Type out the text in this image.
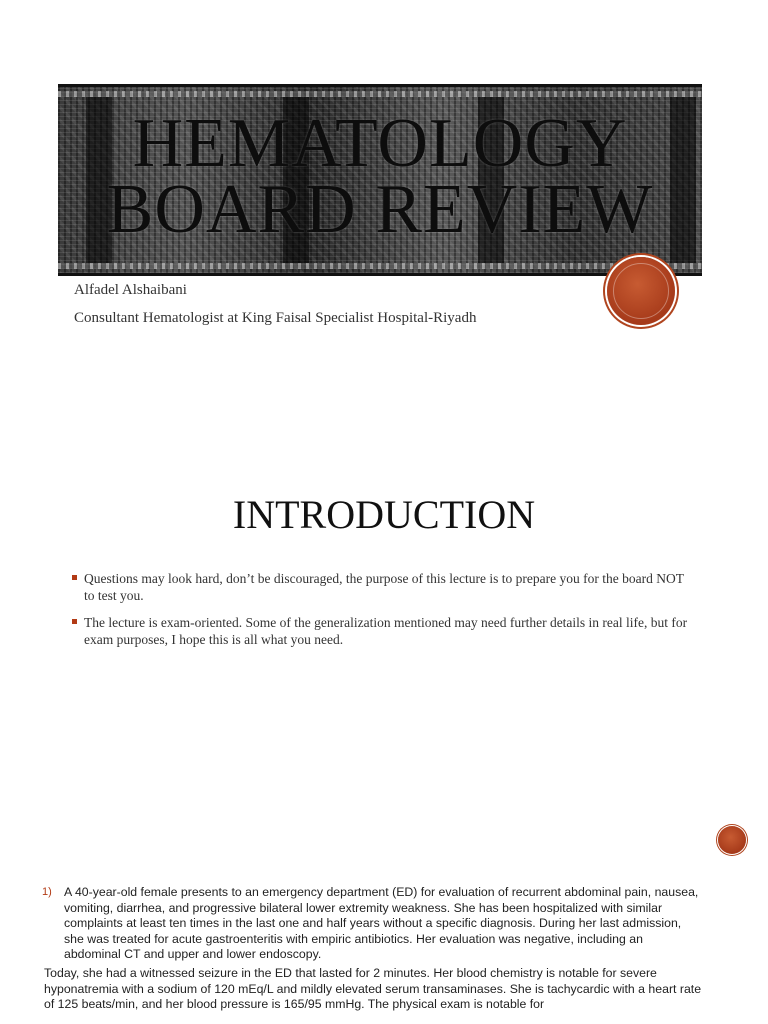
HEMATOLOGY
BOARD REVIEW

Alfadel Alshaibani

Consultant Hematologist at King Faisal Specialist Hospital-Riyadh

INTRODUCTION
Questions may look hard, don’t be discouraged, the purpose of this lecture is to prepare you for the board NOT to test you.
The lecture is exam-oriented. Some of the generalization mentioned may need further details in real life, but for exam purposes, I hope this is all what you need.
1) A 40-year-old female presents to an emergency department (ED) for evaluation of recurrent abdominal pain, nausea, vomiting, diarrhea, and progressive bilateral lower extremity weakness. She has been hospitalized with similar complaints at least ten times in the last one and half years without a specific diagnosis. During her last admission, she was treated for acute gastroenteritis with empiric antibiotics. Her evaluation was negative, including an abdominal CT and upper and lower endoscopy.
Today, she had a witnessed seizure in the ED that lasted for 2 minutes. Her blood chemistry is notable for severe hyponatremia with a sodium of 120 mEq/L and mildly elevated serum transaminases. She is tachycardic with a heart rate of 125 beats/min, and her blood pressure is 165/95 mmHg. The physical exam is notable for
